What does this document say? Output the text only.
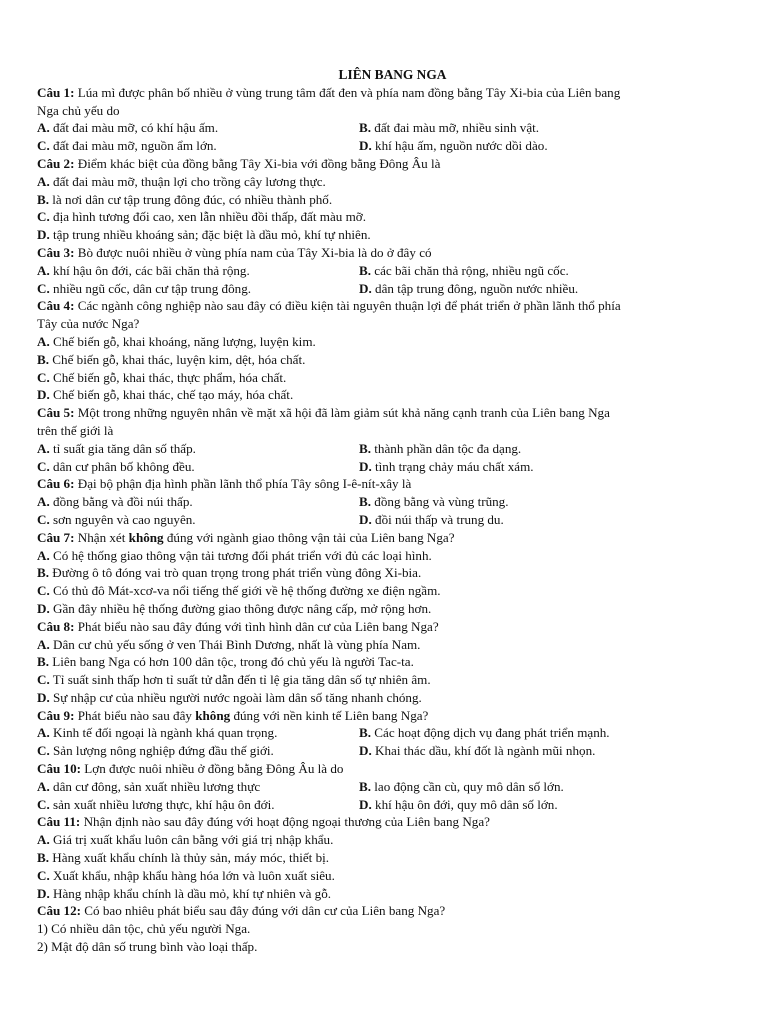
LIÊN BANG NGA
Câu 1: Lúa mì được phân bố nhiều ở vùng trung tâm đất đen và phía nam đồng bằng Tây Xi-bia của Liên bang
Nga chủ yếu do
A. đất đai màu mỡ, có khí hậu ấm.	B. đất đai màu mỡ, nhiều sinh vật.
C. đất đai màu mỡ, nguồn ẩm lớn.	D. khí hậu ấm, nguồn nước dồi dào.
Câu 2: Điểm khác biệt của đồng bằng Tây Xi-bia với đồng bằng Đông Âu là
A. đất đai màu mỡ, thuận lợi cho trồng cây lương thực.
B. là nơi dân cư tập trung đông đúc, có nhiều thành phố.
C. địa hình tương đối cao, xen lẫn nhiều đồi thấp, đất màu mỡ.
D. tập trung nhiều khoáng sản; đặc biệt là dầu mỏ, khí tự nhiên.
Câu 3: Bò được nuôi nhiều ở vùng phía nam của Tây Xi-bia là do ở đây có
A. khí hậu ôn đới, các bãi chăn thả rộng.	B. các bãi chăn thả rộng, nhiều ngũ cốc.
C. nhiều ngũ cốc, dân cư tập trung đông.	D. dân tập trung đông, nguồn nước nhiều.
Câu 4: Các ngành công nghiệp nào sau đây có điều kiện tài nguyên thuận lợi để phát triển ở phần lãnh thổ phía
Tây của nước Nga?
A. Chế biến gỗ, khai khoáng, năng lượng, luyện kim.
B. Chế biến gỗ, khai thác, luyện kim, dệt, hóa chất.
C. Chế biến gỗ, khai thác, thực phẩm, hóa chất.
D. Chế biến gỗ, khai thác, chế tạo máy, hóa chất.
Câu 5: Một trong những nguyên nhân về mặt xã hội đã làm giảm sút khả năng cạnh tranh của Liên bang Nga
trên thế giới là
A. tỉ suất gia tăng dân số thấp.	B. thành phần dân tộc đa dạng.
C. dân cư phân bố không đều.	D. tình trạng chảy máu chất xám.
Câu 6: Đại bộ phận địa hình phần lãnh thổ phía Tây sông I-ê-nít-xây là
A. đồng bằng và đồi núi thấp.	B. đồng bằng và vùng trũng.
C. sơn nguyên và cao nguyên.	D. đồi núi thấp và trung du.
Câu 7: Nhận xét không đúng với ngành giao thông vận tải của Liên bang Nga?
A. Có hệ thống giao thông vận tải tương đối phát triển với đủ các loại hình.
B. Đường ô tô đóng vai trò quan trọng trong phát triển vùng đông Xi-bia.
C. Có thủ đô Mát-xcơ-va nổi tiếng thế giới về hệ thống đường xe điện ngầm.
D. Gần đây nhiều hệ thống đường giao thông được nâng cấp, mở rộng hơn.
Câu 8: Phát biểu nào sau đây đúng với tình hình dân cư của Liên bang Nga?
A. Dân cư chủ yếu sống ở ven Thái Bình Dương, nhất là vùng phía Nam.
B. Liên bang Nga có hơn 100 dân tộc, trong đó chủ yếu là người Tac-ta.
C. Tỉ suất sinh thấp hơn tỉ suất tử dẫn đến tỉ lệ gia tăng dân số tự nhiên âm.
D. Sự nhập cư của nhiều người nước ngoài làm dân số tăng nhanh chóng.
Câu 9: Phát biểu nào sau đây không đúng với nền kinh tế Liên bang Nga?
A. Kinh tế đối ngoại là ngành khá quan trọng.	B. Các hoạt động dịch vụ đang phát triển mạnh.
C. Sản lượng nông nghiệp đứng đầu thế giới.	D. Khai thác dầu, khí đốt là ngành mũi nhọn.
Câu 10: Lợn được nuôi nhiều ở đồng bằng Đông Âu là do
A. dân cư đông, sản xuất nhiều lương thực	B. lao động cần cù, quy mô dân số lớn.
C. sản xuất nhiều lương thực, khí hậu ôn đới.	D. khí hậu ôn đới, quy mô dân số lớn.
Câu 11: Nhận định nào sau đây đúng với hoạt động ngoại thương của Liên bang Nga?
A. Giá trị xuất khẩu luôn cân bằng với giá trị nhập khẩu.
B. Hàng xuất khẩu chính là thủy sản, máy móc, thiết bị.
C. Xuất khẩu, nhập khẩu hàng hóa lớn và luôn xuất siêu.
D. Hàng nhập khẩu chính là dầu mỏ, khí tự nhiên và gỗ.
Câu 12: Có bao nhiêu phát biểu sau đây đúng với dân cư của Liên bang Nga?
1) Có nhiều dân tộc, chủ yếu người Nga.
2) Mật độ dân số trung bình vào loại thấp.
